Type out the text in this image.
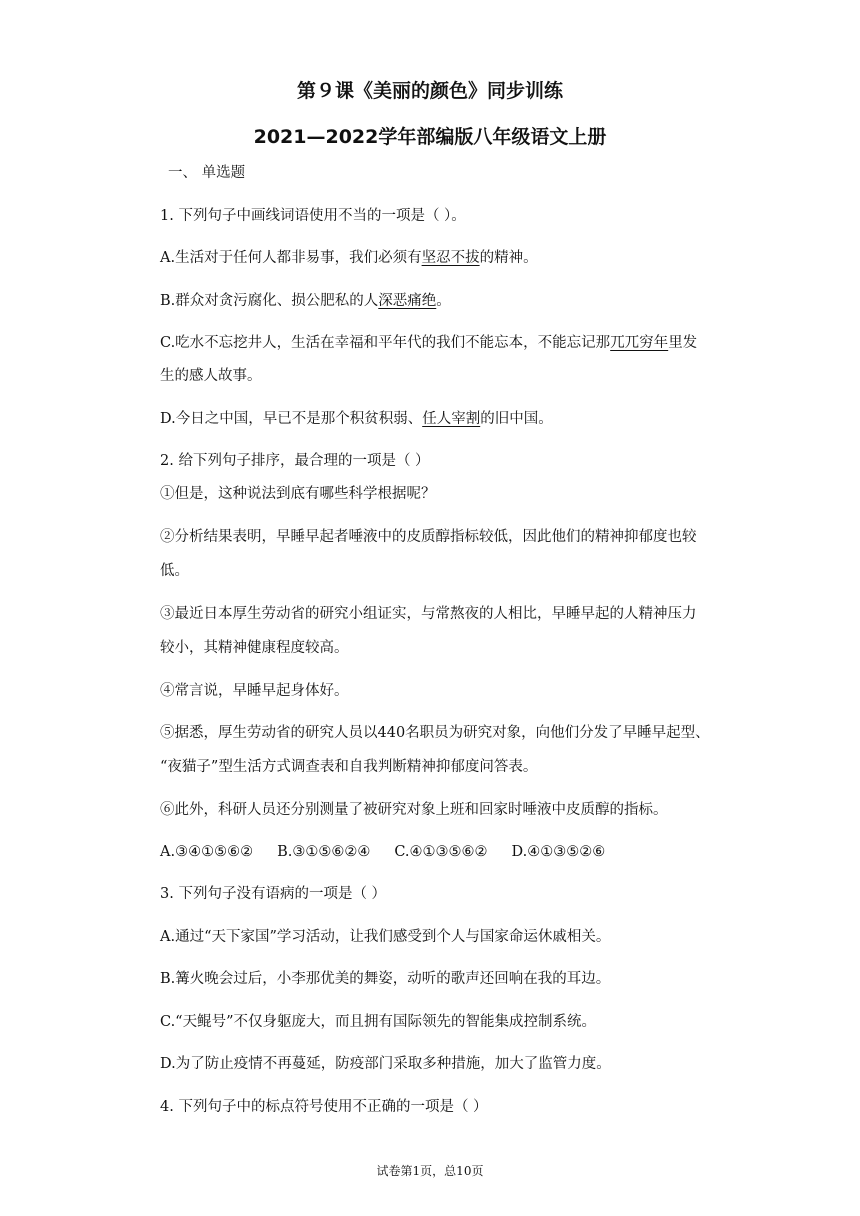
第９课《美丽的颜色》同步训练
2021—2022学年部编版八年级语文上册
一、 单选题
1. 下列句子中画线词语使用不当的一项是（ ）。
A.生活对于任何人都非易事，我们必须有坚忍不拔的精神。
B.群众对贪污腐化、损公肥私的人深恶痛绝。
C.吃水不忘挖井人，生活在幸福和平年代的我们不能忘本，不能忘记那兀兀穷年里发
生的感人故事。
D.今日之中国，早已不是那个积贫积弱、任人宰割的旧中国。
2. 给下列句子排序，最合理的一项是（ ）
①但是，这种说法到底有哪些科学根据呢？
②分析结果表明，早睡早起者唾液中的皮质醇指标较低，因此他们的精神抑郁度也较
低。
③最近日本厚生劳动省的研究小组证实，与常熬夜的人相比，早睡早起的人精神压力
较小，其精神健康程度较高。
④常言说，早睡早起身体好。
⑤据悉，厚生劳动省的研究人员以440名职员为研究对象，向他们分发了早睡早起型、
“夜猫子”型生活方式调查表和自我判断精神抑郁度问答表。
⑥此外，科研人员还分别测量了被研究对象上班和回家时唾液中皮质醇的指标。
A.③④①⑤⑥② B.③①⑤⑥②④ C.④①③⑤⑥② D.④①③⑤②⑥
3. 下列句子没有语病的一项是（ ）
A.通过“天下家国”学习活动，让我们感受到个人与国家命运休戚相关。
B.篝火晚会过后，小李那优美的舞姿，动听的歌声还回响在我的耳边。
C.“天鲲号”不仅身躯庞大，而且拥有国际领先的智能集成控制系统。
D.为了防止疫情不再蔓延，防疫部门采取多种措施，加大了监管力度。
4. 下列句子中的标点符号使用不正确的一项是（ ）
试卷第1页，总10页
